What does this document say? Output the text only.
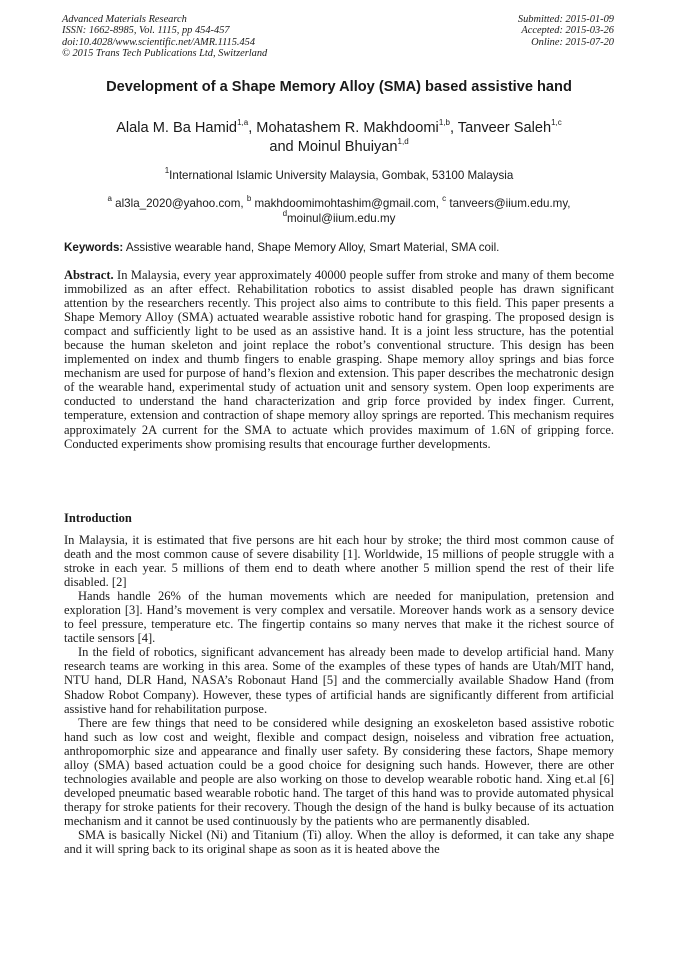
Advanced Materials Research
ISSN: 1662-8985, Vol. 1115, pp 454-457
doi:10.4028/www.scientific.net/AMR.1115.454
© 2015 Trans Tech Publications Ltd, Switzerland
Submitted: 2015-01-09
Accepted: 2015-03-26
Online: 2015-07-20
Development of a Shape Memory Alloy (SMA) based assistive hand
Alala M. Ba Hamid$^{1,a}$, Mohatashem R. Makhdoomi$^{1,b}$, Tanveer Saleh$^{1,c}$
and Moinul Bhuiyan$^{1,d}$
$^1$International Islamic University Malaysia, Gombak, 53100 Malaysia
$^a$ al3la_2020@yahoo.com, $^b$ makhdoomimohtashim@gmail.com, $^c$ tanveers@iium.edu.my,
$^d$moinul@iium.edu.my
Keywords: Assistive wearable hand, Shape Memory Alloy, Smart Material, SMA coil.
Abstract. In Malaysia, every year approximately 40000 people suffer from stroke and many of them become immobilized as an after effect. Rehabilitation robotics to assist disabled people has drawn significant attention by the researchers recently. This project also aims to contribute to this field. This paper presents a Shape Memory Alloy (SMA) actuated wearable assistive robotic hand for grasping. The proposed design is compact and sufficiently light to be used as an assistive hand. It is a joint less structure, has the potential because the human skeleton and joint replace the robot’s conventional structure. This design has been implemented on index and thumb fingers to enable grasping. Shape memory alloy springs and bias force mechanism are used for purpose of hand’s flexion and extension. This paper describes the mechatronic design of the wearable hand, experimental study of actuation unit and sensory system. Open loop experiments are conducted to understand the hand characterization and grip force provided by index finger. Current, temperature, extension and contraction of shape memory alloy springs are reported. This mechanism requires approximately 2A current for the SMA to actuate which provides maximum of 1.6N of gripping force. Conducted experiments show promising results that encourage further developments.
Introduction

In Malaysia, it is estimated that five persons are hit each hour by stroke; the third most common cause of death and the most common cause of severe disability [1]. Worldwide, 15 millions of people struggle with a stroke in each year. 5 millions of them end to death where another 5 million spend the rest of their life disabled. [2]

Hands handle 26% of the human movements which are needed for manipulation, pretension and exploration [3]. Hand’s movement is very complex and versatile. Moreover hands work as a sensory device to feel pressure, temperature etc. The fingertip contains so many nerves that make it the richest source of tactile sensors [4].

In the field of robotics, significant advancement has already been made to develop artificial hand. Many research teams are working in this area. Some of the examples of these types of hands are Utah/MIT hand, NTU hand, DLR Hand, NASA’s Robonaut Hand [5] and the commercially available Shadow Hand (from Shadow Robot Company). However, these types of artificial hands are significantly different from artificial assistive hand for rehabilitation purpose.

There are few things that need to be considered while designing an exoskeleton based assistive robotic hand such as low cost and weight, flexible and compact design, noiseless and vibration free actuation, anthropomorphic size and appearance and finally user safety. By considering these factors, Shape memory alloy (SMA) based actuation could be a good choice for designing such hands. However, there are other technologies available and people are also working on those to develop wearable robotic hand. Xing et.al [6] developed pneumatic based wearable robotic hand. The target of this hand was to provide automated physical therapy for stroke patients for their recovery. Though the design of the hand is bulky because of its actuation mechanism and it cannot be used continuously by the patients who are permanently disabled.

SMA is basically Nickel (Ni) and Titanium (Ti) alloy. When the alloy is deformed, it can take any shape and it will spring back to its original shape as soon as it is heated above the
